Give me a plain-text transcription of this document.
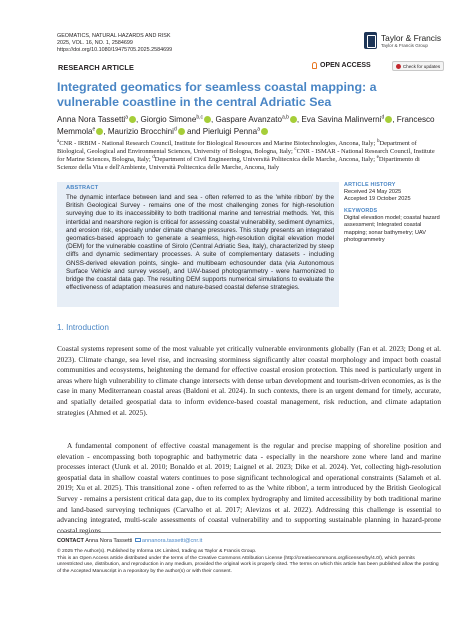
GEOMATICS, NATURAL HAZARDS AND RISK
2025, VOL. 16, NO. 1, 2584699
https://doi.org/10.1080/19475705.2025.2584699
Taylor & Francis
Taylor & Francis Group
RESEARCH ARTICLE	OPEN ACCESS	Check for updates
Integrated geomatics for seamless coastal mapping: a vulnerable coastline in the central Adriatic Sea
Anna Nora Tassetti$^a$ , Giorgio Simone$^{b,c}$ , Gaspare Avanzato$^{a,b}$ , Eva Savina Malinverni$^d$ , Francesco Memmola$^e$ , Maurizio Brocchini$^d$ and Pierluigi Penna$^a$
$^a$CNR - IRBIM - National Research Council, Institute for Biological Resources and Marine Biotechnologies, Ancona, Italy; $^b$Department of Biological, Geological and Environmental Sciences, University of Bologna, Bologna, Italy; $^c$CNR - ISMAR - National Research Council, Institute for Marine Sciences, Bologna, Italy; $^d$Department of Civil Engineering, Università Politecnica delle Marche, Ancona, Italy; $^e$Dipartimento di Scienze della Vita e dell'Ambiente, Università Politecnica delle Marche, Ancona, Italy
ABSTRACT
The dynamic interface between land and sea - often referred to as the 'white ribbon' by the British Geological Survey - remains one of the most challenging zones for high-resolution surveying due to its inaccessibility to both traditional marine and terrestrial methods. Yet, this intertidal and nearshore region is critical for assessing coastal vulnerability, sediment dynamics, and erosion risk, especially under climate change pressures. This study presents an integrated geomatics-based approach to generate a seamless, high-resolution digital elevation model (DEM) for the vulnerable coastline of Sirolo (Central Adriatic Sea, Italy), characterized by steep cliffs and dynamic sedimentary processes. A suite of complementary datasets - including GNSS-derived elevation points, single- and multibeam echosounder data (via Autonomous Surface Vehicle and survey vessel), and UAV-based photogrammetry - were harmonized to bridge the coastal data gap. The resulting DEM supports numerical simulations to evaluate the effectiveness of adaptation measures and nature-based coastal defense strategies.
ARTICLE HISTORY
Received 24 May 2025
Accepted 19 October 2025
KEYWORDS
Digital elevation model; coastal hazard assessment; Integrated coastal mapping; sonar bathymetry; UAV photogrammetry
1. Introduction
Coastal systems represent some of the most valuable yet critically vulnerable environments globally (Fan et al. 2023; Dong et al. 2023). Climate change, sea level rise, and increasing storminess significantly alter coastal morphology and impact both coastal communities and ecosystems, heightening the demand for effective coastal erosion protection. This need is particularly urgent in areas where high vulnerability to climate change intersects with dense urban development and tourism-driven economies, as is the case in many Mediterranean coastal areas (Baldoni et al. 2024). In such contexts, there is an urgent demand for timely, accurate, and spatially detailed geospatial data to inform evidence-based coastal management, risk reduction, and climate adaptation strategies (Ahmed et al. 2025).
A fundamental component of effective coastal management is the regular and precise mapping of shoreline position and elevation - encompassing both topographic and bathymetric data - especially in the nearshore zone where land and marine processes interact (Uunk et al. 2010; Bonaldo et al. 2019; Laignel et al. 2023; Dike et al. 2024). Yet, collecting high-resolution geospatial data in shallow coastal waters continues to pose significant technological and operational constraints (Salameh et al. 2019; Xu et al. 2025). This transitional zone - often referred to as the 'white ribbon', a term introduced by the British Geological Survey - remains a persistent critical data gap, due to its complex hydrography and limited accessibility by both traditional marine and land-based surveying techniques (Carvalho et al. 2017; Alevizos et al. 2022). Addressing this challenge is essential to advancing integrated, multi-scale assessments of coastal vulnerability and to supporting sustainable planning in hazard-prone coastal regions.
CONTACT Anna Nora Tassetti annanora.tassetti@cnr.it
© 2025 The Author(s). Published by Informa UK Limited, trading as Taylor & Francis Group.
This is an Open Access article distributed under the terms of the Creative Commons Attribution License (http://creativecommons.org/licenses/by/4.0/), which permits unrestricted use, distribution, and reproduction in any medium, provided the original work is properly cited. The terms on which this article has been published allow the posting of the Accepted Manuscript in a repository by the author(s) or with their consent.
